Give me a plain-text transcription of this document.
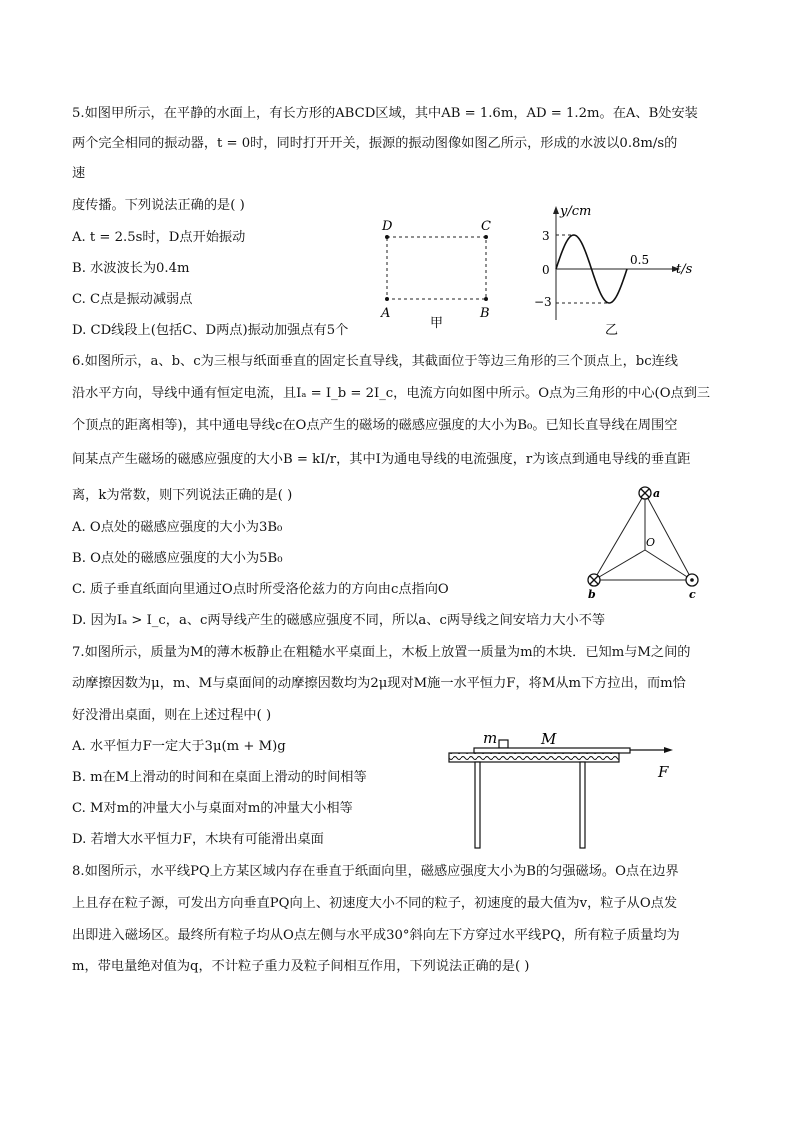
5.如图甲所示，在平静的水面上，有长方形的ABCD区域，其中AB = 1.6m，AD = 1.2m。在A、B处安装
两个完全相同的振动器，t = 0时，同时打开开关，振源的振动图像如图乙所示，形成的水波以0.8m/s的
速
度传播。下列说法正确的是( )
A. t = 2.5s时，D点开始振动
B. 水波波长为0.4m
C. C点是振动减弱点
D. CD线段上(包括C、D两点)振动加强点有5个
D	C
A	B
甲
y/cm
t/s
3
0
−3
0.5
乙
6.如图所示，a、b、c为三根与纸面垂直的固定长直导线，其截面位于等边三角形的三个顶点上，bc连线
沿水平方向，导线中通有恒定电流，且Iₐ = I_b = 2I_c，电流方向如图中所示。O点为三角形的中心(O点到三
个顶点的距离相等)，其中通电导线c在O点产生的磁场的磁感应强度的大小为B₀。已知长直导线在周围空
间某点产生磁场的磁感应强度的大小B = kI/r，其中I为通电导线的电流强度，r为该点到通电导线的垂直距
离，k为常数，则下列说法正确的是( )
A. O点处的磁感应强度的大小为3B₀
B. O点处的磁感应强度的大小为5B₀
C. 质子垂直纸面向里通过O点时所受洛伦兹力的方向由c点指向O
D. 因为Iₐ > I_c，a、c两导线产生的磁感应强度不同，所以a、c两导线之间安培力大小不等
a
b	c
O
7.如图所示，质量为M的薄木板静止在粗糙水平桌面上，木板上放置一质量为m的木块．已知m与M之间的
动摩擦因数为μ，m、M与桌面间的动摩擦因数均为2μ现对M施一水平恒力F，将M从m下方拉出，而m恰
好没滑出桌面，则在上述过程中( )
A. 水平恒力F一定大于3μ(m + M)g
B. m在M上滑动的时间和在桌面上滑动的时间相等
C. M对m的冲量大小与桌面对m的冲量大小相等
D. 若增大水平恒力F，木块有可能滑出桌面
m	M
F
8.如图所示，水平线PQ上方某区域内存在垂直于纸面向里，磁感应强度大小为B的匀强磁场。O点在边界
上且存在粒子源，可发出方向垂直PQ向上、初速度大小不同的粒子，初速度的最大值为v，粒子从O点发
出即进入磁场区。最终所有粒子均从O点左侧与水平成30°斜向左下方穿过水平线PQ，所有粒子质量均为
m，带电量绝对值为q，不计粒子重力及粒子间相互作用，下列说法正确的是( )
